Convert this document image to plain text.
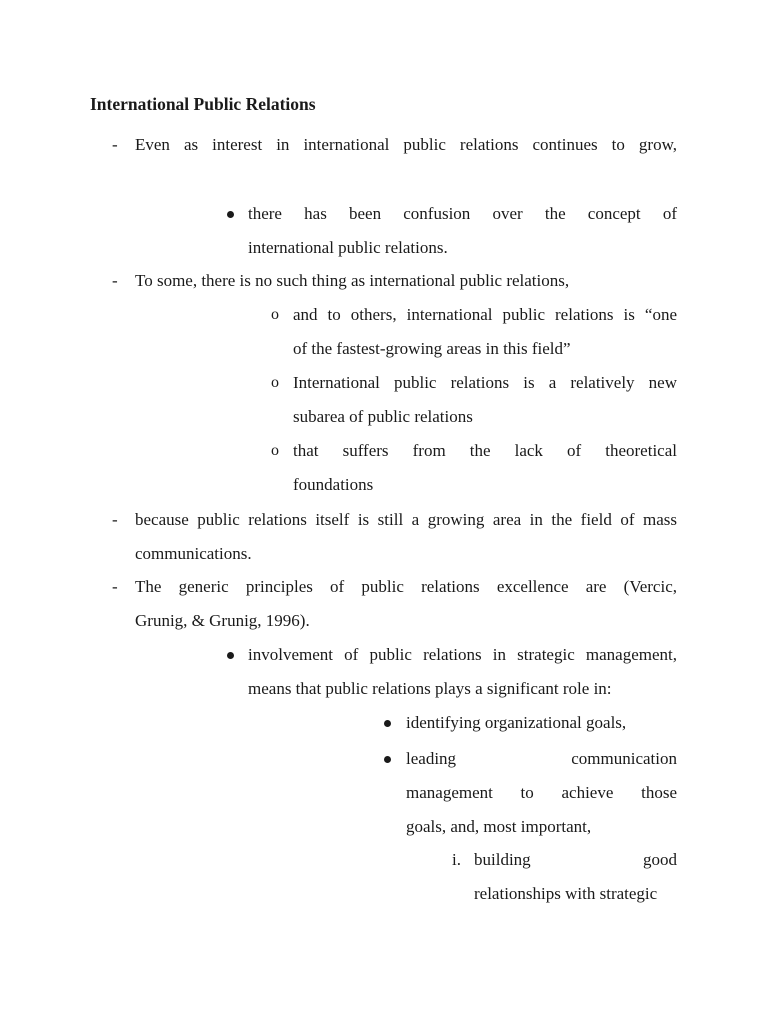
International Public Relations
- Even as interest in international public relations continues to grow,
there has been confusion over the concept of
international public relations.
- To some, there is no such thing as international public relations,
o and to others, international public relations is “one
of the fastest-growing areas in this field”
o International public relations is a relatively new
subarea of public relations
o that suffers from the lack of theoretical
foundations
- because public relations itself is still a growing area in the field of mass
communications.
- The generic principles of public relations excellence are (Vercic,
Grunig, & Grunig, 1996).
involvement of public relations in strategic management,
means that public relations plays a significant role in:
identifying organizational goals,
leading communication
management to achieve those
goals, and, most important,
i. building good
relationships with strategic
